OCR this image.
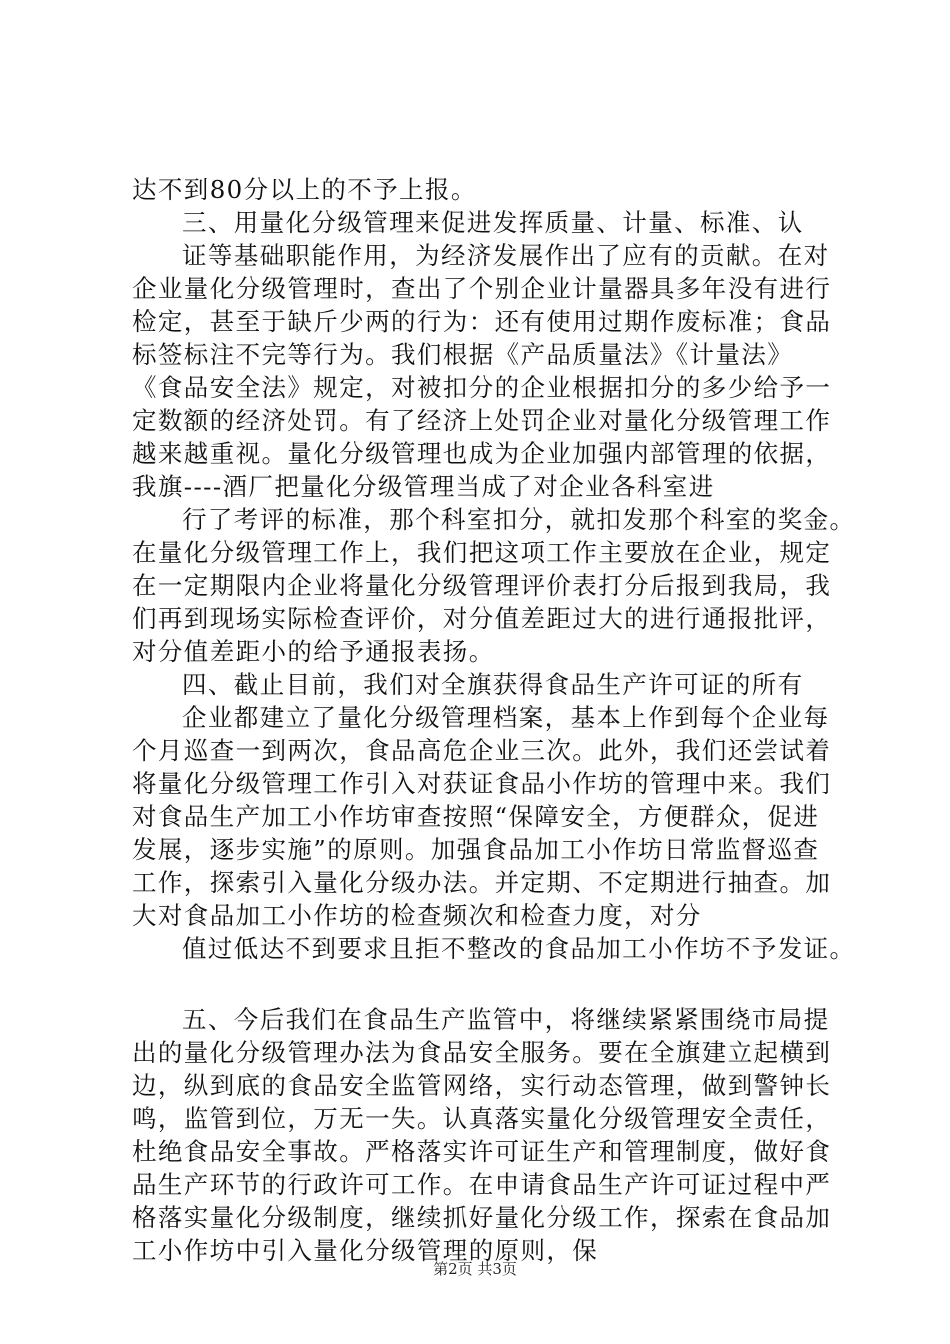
达不到80分以上的不予上报。
三、用量化分级管理来促进发挥质量、计量、标准、认
证等基础职能作用，为经济发展作出了应有的贡献。在对
企业量化分级管理时，查出了个别企业计量器具多年没有进行
检定，甚至于缺斤少两的行为：还有使用过期作废标准；食品
标签标注不完等行为。我们根据《产品质量法》《计量法》
《食品安全法》规定，对被扣分的企业根据扣分的多少给予一
定数额的经济处罚。有了经济上处罚企业对量化分级管理工作
越来越重视。量化分级管理也成为企业加强内部管理的依据，
我旗----酒厂把量化分级管理当成了对企业各科室进
行了考评的标准，那个科室扣分，就扣发那个科室的奖金。
在量化分级管理工作上，我们把这项工作主要放在企业，规定
在一定期限内企业将量化分级管理评价表打分后报到我局，我
们再到现场实际检查评价，对分值差距过大的进行通报批评，
对分值差距小的给予通报表扬。
四、截止目前，我们对全旗获得食品生产许可证的所有
企业都建立了量化分级管理档案，基本上作到每个企业每
个月巡查一到两次，食品高危企业三次。此外，我们还尝试着
将量化分级管理工作引入对获证食品小作坊的管理中来。我们
对食品生产加工小作坊审查按照“保障安全，方便群众，促进
发展，逐步实施”的原则。加强食品加工小作坊日常监督巡查
工作，探索引入量化分级办法。并定期、不定期进行抽查。加
大对食品加工小作坊的检查频次和检查力度，对分
值过低达不到要求且拒不整改的食品加工小作坊不予发证。
五、今后我们在食品生产监管中，将继续紧紧围绕市局提
出的量化分级管理办法为食品安全服务。要在全旗建立起横到
边，纵到底的食品安全监管网络，实行动态管理，做到警钟长
鸣，监管到位，万无一失。认真落实量化分级管理安全责任，
杜绝食品安全事故。严格落实许可证生产和管理制度，做好食
品生产环节的行政许可工作。在申请食品生产许可证过程中严
格落实量化分级制度，继续抓好量化分级工作，探索在食品加
工小作坊中引入量化分级管理的原则，保
第2页 共3页
